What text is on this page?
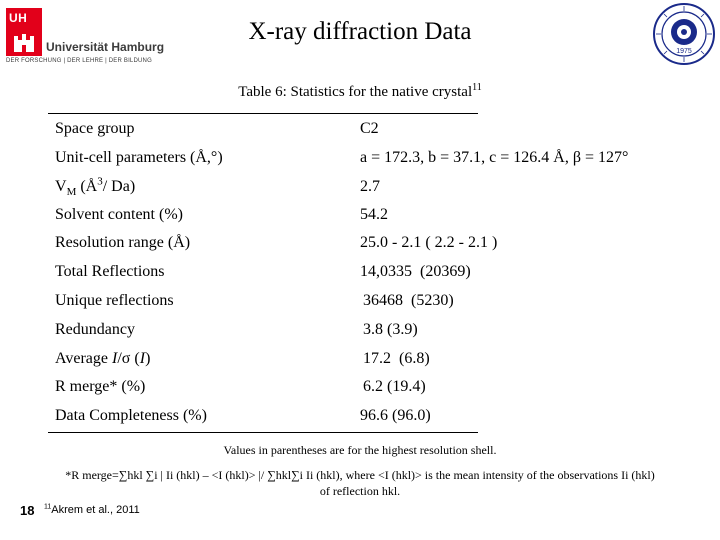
UH
Universität Hamburg
DER FORSCHUNG | DER LEHRE | DER BILDUNG
1975
X-ray diffraction Data
Table 6: Statistics for the native crystal$^{11}$
Space group	C2
Unit-cell parameters (Å,°)	a = 172.3, b = 37.1, c = 126.4 Å, β = 127°
$V_M$ ($Å^3/$ Da)	2.7
Solvent content (%)	54.2
Resolution range (Å)	25.0 - 2.1 ( 2.2 - 2.1 )
Total Reflections	14,0335  (20369)
Unique reflections	36468  (5230)
Redundancy	3.8 (3.9)
Average I/σ (I)	17.2  (6.8)
R merge* (%)	6.2 (19.4)
Data Completeness (%)	96.6 (96.0)
Values in parentheses are for the highest resolution shell.
*R merge=∑hkl ∑i | Ii (hkl) – <I (hkl)> |/ ∑hkl∑i Ii (hkl), where <I (hkl)> is the mean intensity of the observations Ii (hkl) of reflection hkl.
18 $^{11}$Akrem et al., 2011
